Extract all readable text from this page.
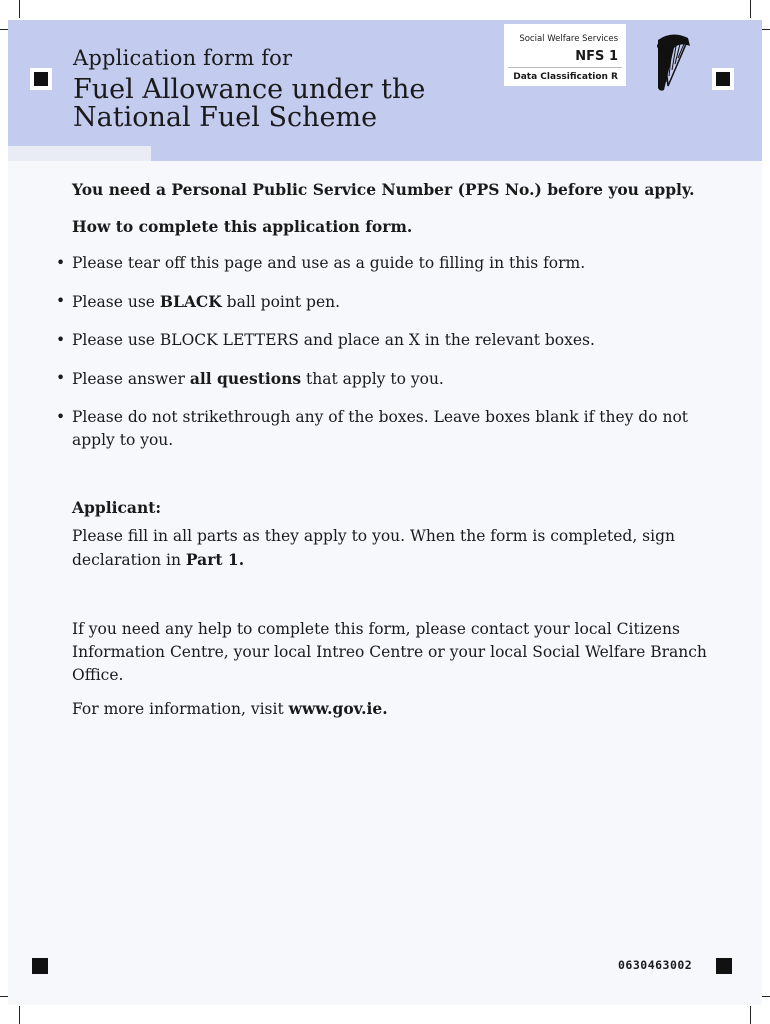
Application form for
Fuel Allowance under the National Fuel Scheme
Social Welfare Services
NFS 1
Data Classification R

You need a Personal Public Service Number (PPS No.) before you apply.

How to complete this application form.

• Please tear off this page and use as a guide to filling in this form.
• Please use BLACK ball point pen.
• Please use BLOCK LETTERS and place an X in the relevant boxes.
• Please answer all questions that apply to you.
• Please do not strikethrough any of the boxes. Leave boxes blank if they do not apply to you.

Applicant:

Please fill in all parts as they apply to you. When the form is completed, sign declaration in Part 1.

If you need any help to complete this form, please contact your local Citizens Information Centre, your local Intreo Centre or your local Social Welfare Branch Office.

For more information, visit www.gov.ie.

0630463002
